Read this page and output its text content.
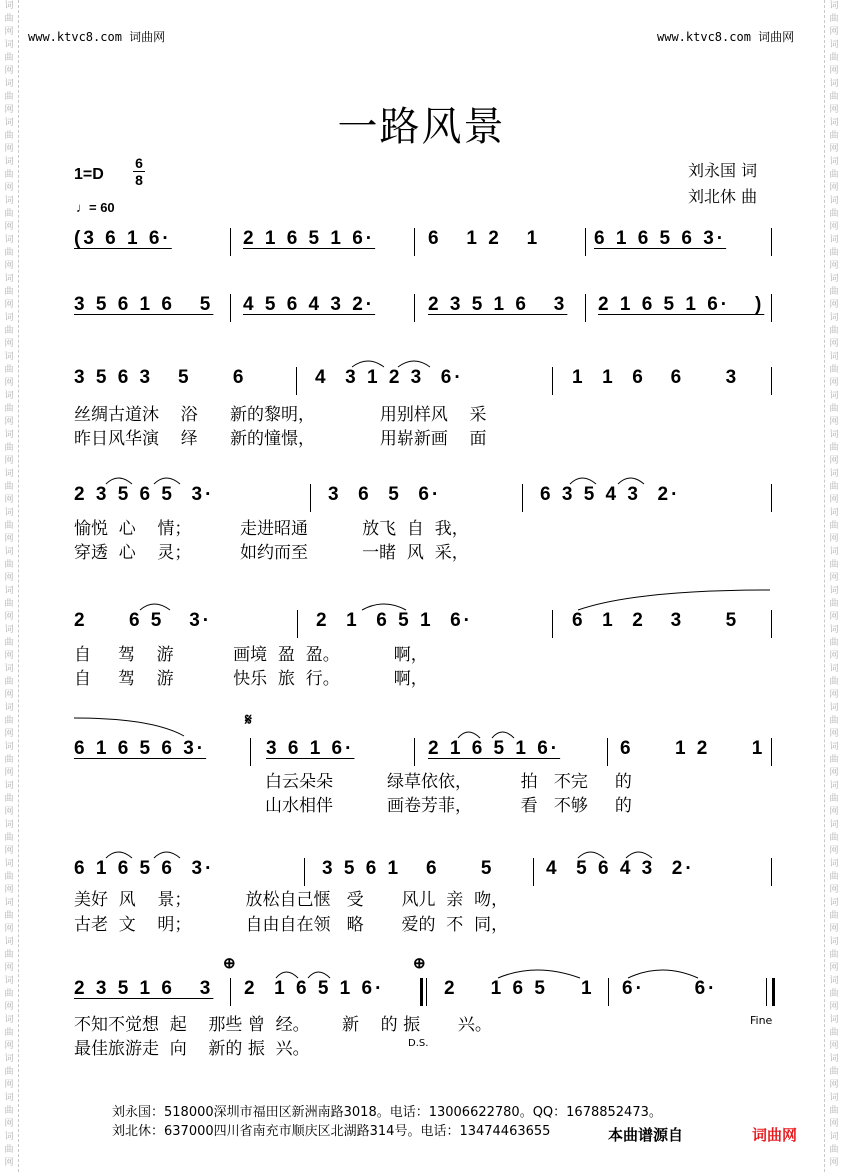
词
曲
网
词
曲
网
词
曲
网
词
曲
网
词
曲
网
词
曲
网
词
曲
网
词
曲
网
词
曲
网
词
曲
网
词
曲
网
词
曲
网
词
曲
网
词
曲
网
词
曲
网
词
曲
网
词
曲
网
词
曲
网
词
曲
网
词
曲
网
词
曲
网
词
曲
网
词
曲
网
词
曲
网
词
曲
网
词
曲
网
词
曲
网
词
曲
网
词
曲
网
词
曲
网
词
曲
网
词
曲
网
词
曲
网
词
曲
网
词
曲
网
词
曲
网
词
曲
网
词
曲
网
词
曲
网
词
曲
网
词
曲
网
词
曲
网
词
曲
网
词
曲
网
词
曲
网
词
曲
网
词
曲
网
词
曲
网
词
曲
网
词
曲
网
词
曲
网
词
曲
网
词
曲
网
词
曲
网
词
曲
网
词
曲
网
词
曲
网
词
曲
网
词
曲
网
词
曲
网
www.ktvc8.com 词曲网	www.ktvc8.com 词曲网
一路风景
1=D
6
8
♩= 60
刘永国 词
刘北休 曲
(3 6 1 6·	2 1 6 5 1 6·	6   1 2   1	6 1 6 5 6 3·
3 5 6 1 6   5 4 5 6 4 3 2·	2 3 5 1 6   3 2 1 6 5 1 6·   )
3 5 6 3   5     6	4  3 1 2 3  6·	1  1  6   6     3
丝绸古道沐    浴      新的黎明，            用别样风    采
昨日风华演    绎      新的憧憬，            用崭新画    面
2 3 5 6 5  3·	3  6  5  6·	6 3 5 4 3  2·
愉悦  心    情；         走进昭通          放飞  自  我，
穿透  心    灵；         如约而至          一睹  风  采，
2     6 5   3·	2  1  6 5 1  6·	6  1  2   3     5
自     驾    游           画境  盈  盈。          啊，
自     驾    游           快乐  旅  行。          啊，
6 1 6 5 6 3·
𝄋
3 6 1 6·	2 1 6 5 1 6·	6     1 2     1
白云朵朵          绿草依依，         拍   不完     的
山水相伴          画卷芳菲，         看   不够     的
6 1 6 5 6  3·	3 5 6 1   6     5	4  5 6 4 3  2·
美好  风    景；          放松自己惬   受       风儿  亲  吻，
古老  文    明；          自由自在领   略       爱的  不  同，
2 3 5 1 6   3
⊕
2  1 6 5 1 6·
⊕
2    1 6 5    1 6·      6·
Fine
D.S.
不知不觉想  起    那些 曾  经。      新    的 振       兴。
最佳旅游走  向    新的 振  兴。
刘永国：518000深圳市福田区新洲南路3018。电话：13006622780。QQ：1678852473。
刘北休：637000四川省南充市顺庆区北湖路314号。电话：13474463655	本曲谱源自	词曲网
